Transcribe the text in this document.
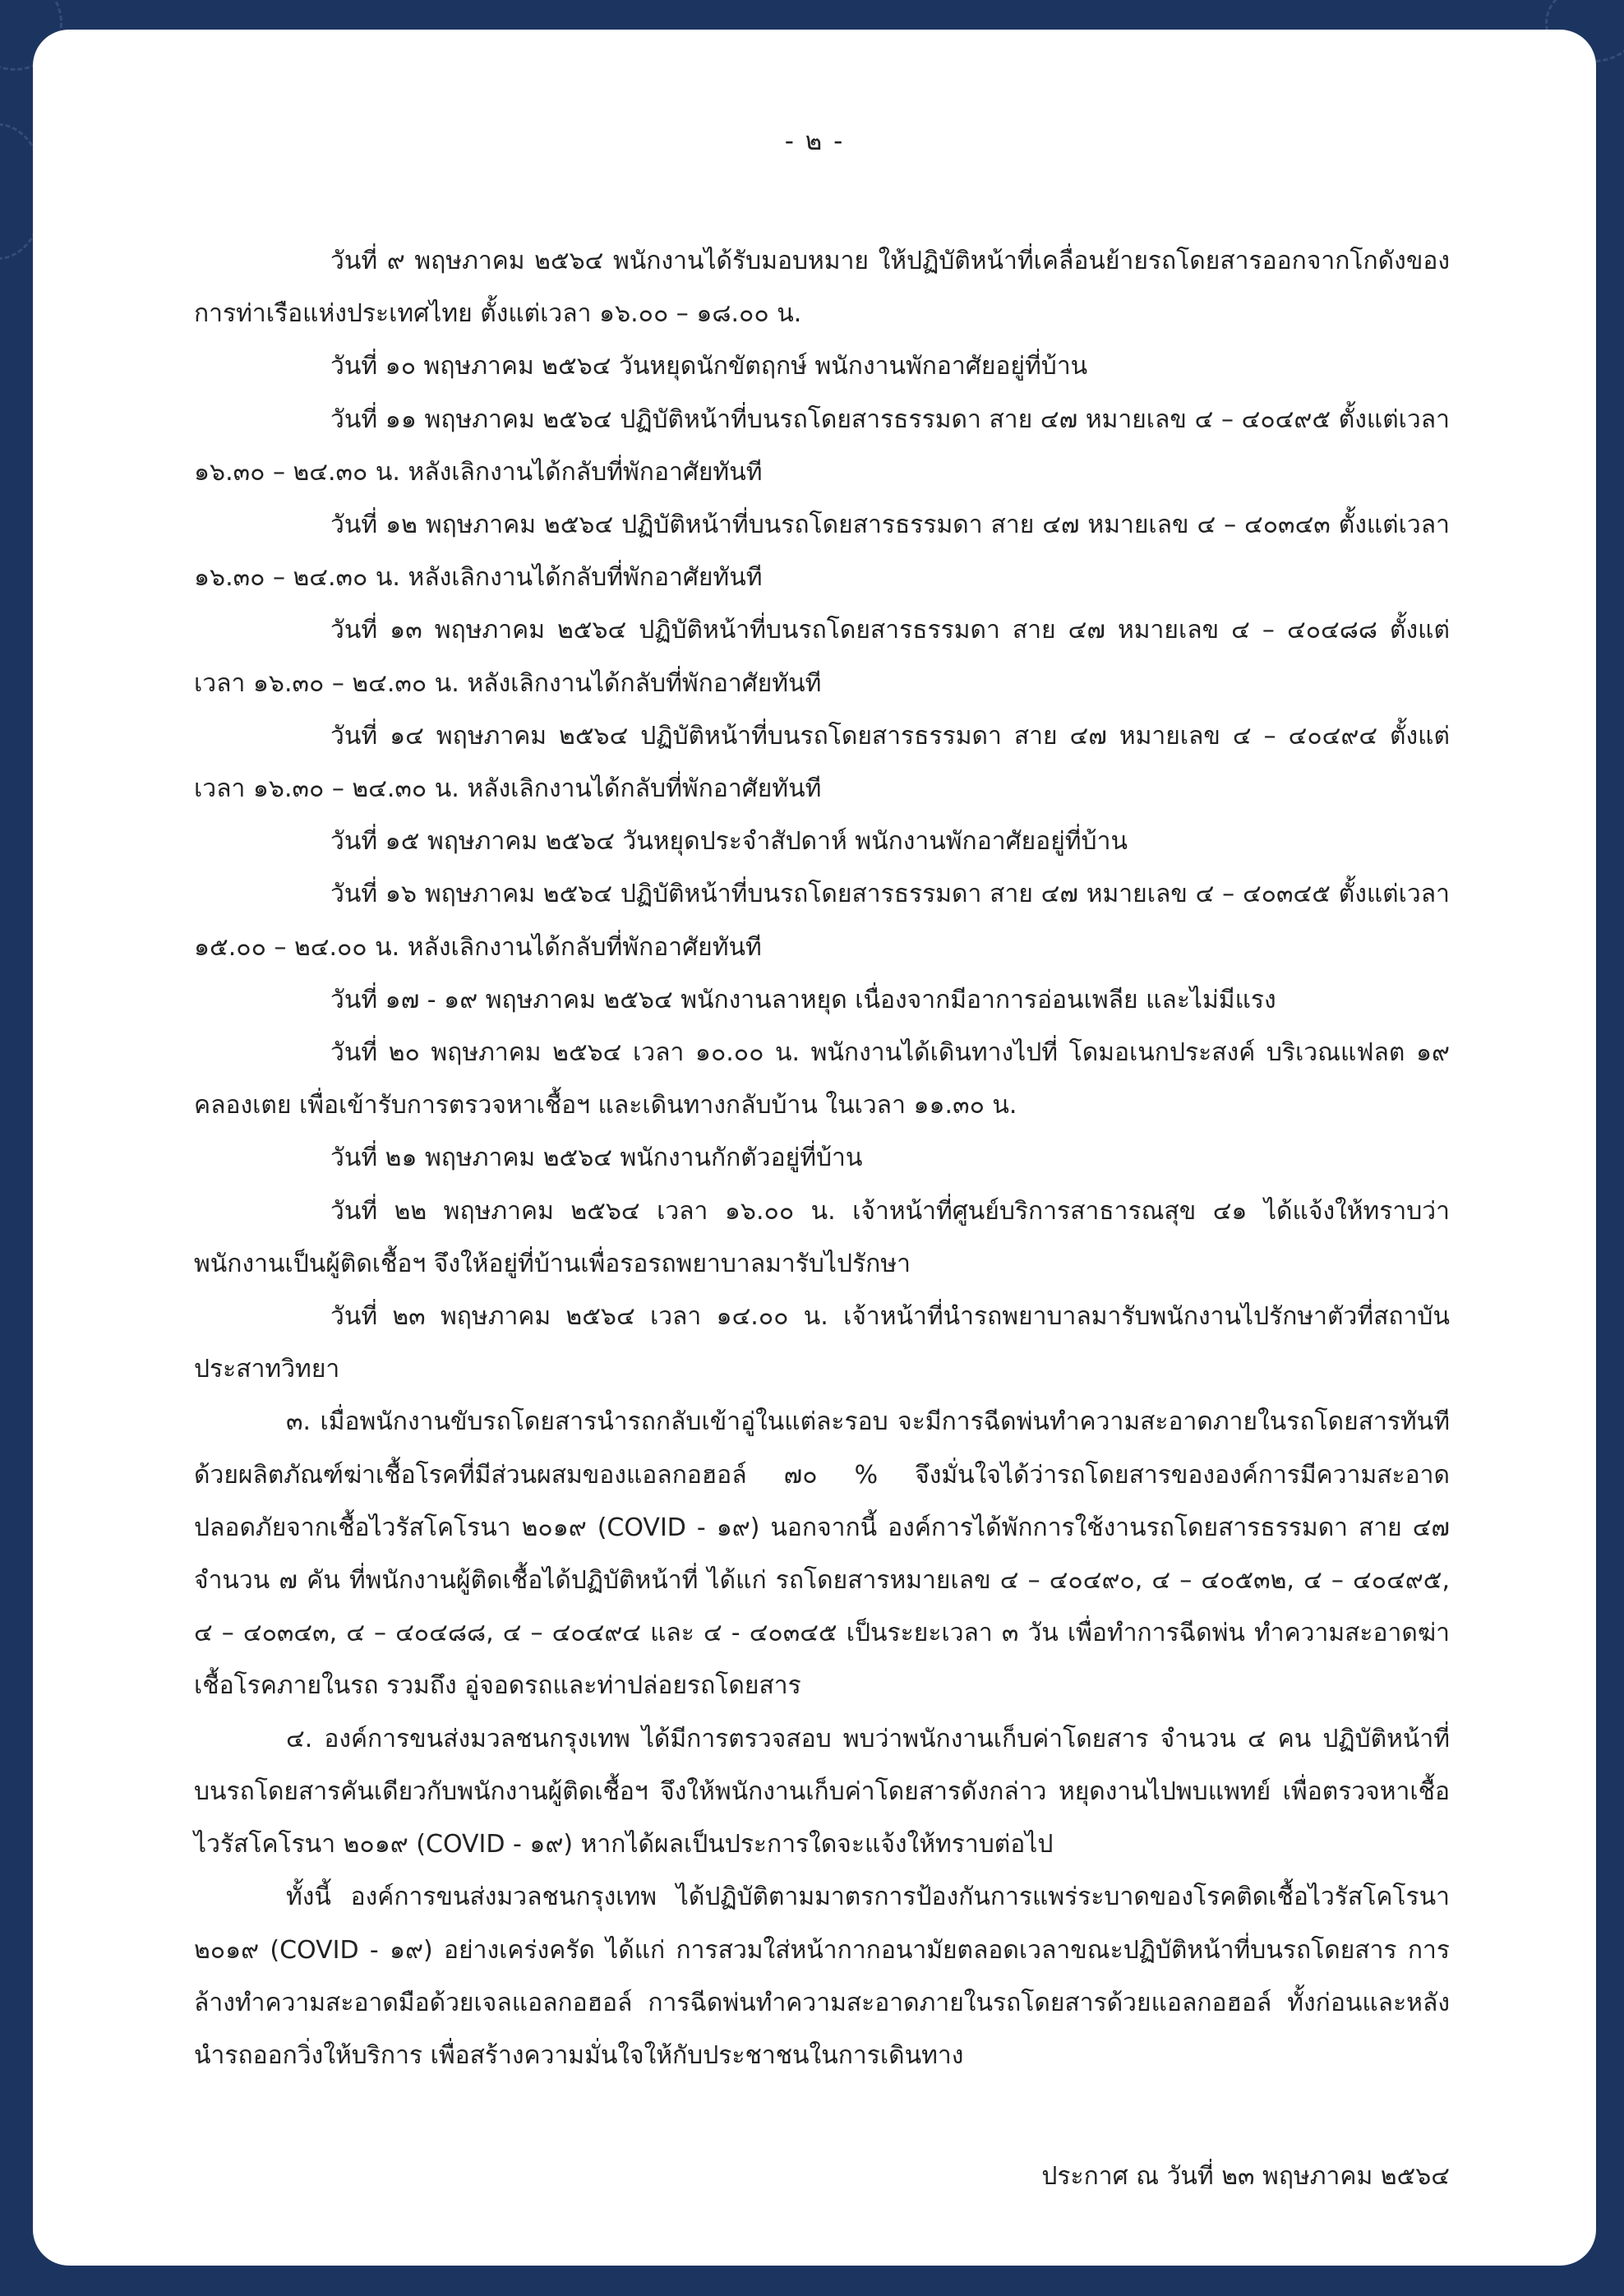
- ๒ -

วันที่ ๙ พฤษภาคม ๒๕๖๔ พนักงานได้รับมอบหมาย ให้ปฏิบัติหน้าที่เคลื่อนย้ายรถโดยสารออกจากโกดังของการท่าเรือแห่งประเทศไทย ตั้งแต่เวลา ๑๖.๐๐ – ๑๘.๐๐ น.

วันที่ ๑๐ พฤษภาคม ๒๕๖๔ วันหยุดนักขัตฤกษ์ พนักงานพักอาศัยอยู่ที่บ้าน

วันที่ ๑๑ พฤษภาคม ๒๕๖๔ ปฏิบัติหน้าที่บนรถโดยสารธรรมดา สาย ๔๗ หมายเลข ๔ – ๔๐๔๙๕ ตั้งแต่เวลา ๑๖.๓๐ – ๒๔.๓๐ น. หลังเลิกงานได้กลับที่พักอาศัยทันที

วันที่ ๑๒ พฤษภาคม ๒๕๖๔ ปฏิบัติหน้าที่บนรถโดยสารธรรมดา สาย ๔๗ หมายเลข ๔ – ๔๐๓๔๓ ตั้งแต่เวลา ๑๖.๓๐ – ๒๔.๓๐ น. หลังเลิกงานได้กลับที่พักอาศัยทันที

วันที่ ๑๓ พฤษภาคม ๒๕๖๔ ปฏิบัติหน้าที่บนรถโดยสารธรรมดา สาย ๔๗ หมายเลข ๔ – ๔๐๔๘๘ ตั้งแต่เวลา ๑๖.๓๐ – ๒๔.๓๐ น. หลังเลิกงานได้กลับที่พักอาศัยทันที

วันที่ ๑๔ พฤษภาคม ๒๕๖๔ ปฏิบัติหน้าที่บนรถโดยสารธรรมดา สาย ๔๗ หมายเลข ๔ – ๔๐๔๙๔ ตั้งแต่เวลา ๑๖.๓๐ – ๒๔.๓๐ น. หลังเลิกงานได้กลับที่พักอาศัยทันที

วันที่ ๑๕ พฤษภาคม ๒๕๖๔ วันหยุดประจำสัปดาห์ พนักงานพักอาศัยอยู่ที่บ้าน

วันที่ ๑๖ พฤษภาคม ๒๕๖๔ ปฏิบัติหน้าที่บนรถโดยสารธรรมดา สาย ๔๗ หมายเลข ๔ – ๔๐๓๔๕ ตั้งแต่เวลา ๑๕.๐๐ – ๒๔.๐๐ น. หลังเลิกงานได้กลับที่พักอาศัยทันที

วันที่ ๑๗ - ๑๙ พฤษภาคม ๒๕๖๔ พนักงานลาหยุด เนื่องจากมีอาการอ่อนเพลีย และไม่มีแรง

วันที่ ๒๐ พฤษภาคม ๒๕๖๔ เวลา ๑๐.๐๐ น. พนักงานได้เดินทางไปที่ โดมอเนกประสงค์ บริเวณแฟลต ๑๙ คลองเตย เพื่อเข้ารับการตรวจหาเชื้อฯ และเดินทางกลับบ้าน ในเวลา ๑๑.๓๐ น.

วันที่ ๒๑ พฤษภาคม ๒๕๖๔ พนักงานกักตัวอยู่ที่บ้าน

วันที่ ๒๒ พฤษภาคม ๒๕๖๔ เวลา ๑๖.๐๐ น. เจ้าหน้าที่ศูนย์บริการสาธารณสุข ๔๑ ได้แจ้งให้ทราบว่า พนักงานเป็นผู้ติดเชื้อฯ จึงให้อยู่ที่บ้านเพื่อรอรถพยาบาลมารับไปรักษา

วันที่ ๒๓ พฤษภาคม ๒๕๖๔ เวลา ๑๔.๐๐ น. เจ้าหน้าที่นำรถพยาบาลมารับพนักงานไปรักษาตัวที่สถาบันประสาทวิทยา

๓. เมื่อพนักงานขับรถโดยสารนำรถกลับเข้าอู่ในแต่ละรอบ จะมีการฉีดพ่นทำความสะอาดภายในรถโดยสารทันทีด้วยผลิตภัณฑ์ฆ่าเชื้อโรคที่มีส่วนผสมของแอลกอฮอล์ ๗๐ % จึงมั่นใจได้ว่ารถโดยสารขององค์การมีความสะอาด ปลอดภัยจากเชื้อไวรัสโคโรนา ๒๐๑๙ (COVID - ๑๙) นอกจากนี้ องค์การได้พักการใช้งานรถโดยสารธรรมดา สาย ๔๗ จำนวน ๗ คัน ที่พนักงานผู้ติดเชื้อได้ปฏิบัติหน้าที่ ได้แก่ รถโดยสารหมายเลข ๔ – ๔๐๔๙๐, ๔ – ๔๐๕๓๒, ๔ – ๔๐๔๙๕, ๔ – ๔๐๓๔๓, ๔ – ๔๐๔๘๘, ๔ – ๔๐๔๙๔ และ ๔ - ๔๐๓๔๕ เป็นระยะเวลา ๓ วัน เพื่อทำการฉีดพ่น ทำความสะอาดฆ่าเชื้อโรคภายในรถ รวมถึง อู่จอดรถและท่าปล่อยรถโดยสาร

๔. องค์การขนส่งมวลชนกรุงเทพ ได้มีการตรวจสอบ พบว่าพนักงานเก็บค่าโดยสาร จำนวน ๔ คน ปฏิบัติหน้าที่บนรถโดยสารคันเดียวกับพนักงานผู้ติดเชื้อฯ จึงให้พนักงานเก็บค่าโดยสารดังกล่าว หยุดงานไปพบแพทย์ เพื่อตรวจหาเชื้อไวรัสโคโรนา ๒๐๑๙ (COVID - ๑๙) หากได้ผลเป็นประการใดจะแจ้งให้ทราบต่อไป

ทั้งนี้ องค์การขนส่งมวลชนกรุงเทพ ได้ปฏิบัติตามมาตรการป้องกันการแพร่ระบาดของโรคติดเชื้อไวรัสโคโรนา ๒๐๑๙ (COVID - ๑๙) อย่างเคร่งครัด ได้แก่ การสวมใส่หน้ากากอนามัยตลอดเวลาขณะปฏิบัติหน้าที่บนรถโดยสาร การล้างทำความสะอาดมือด้วยเจลแอลกอฮอล์ การฉีดพ่นทำความสะอาดภายในรถโดยสารด้วยแอลกอฮอล์ ทั้งก่อนและหลังนำรถออกวิ่งให้บริการ เพื่อสร้างความมั่นใจให้กับประชาชนในการเดินทาง

ประกาศ ณ วันที่ ๒๓ พฤษภาคม ๒๕๖๔
